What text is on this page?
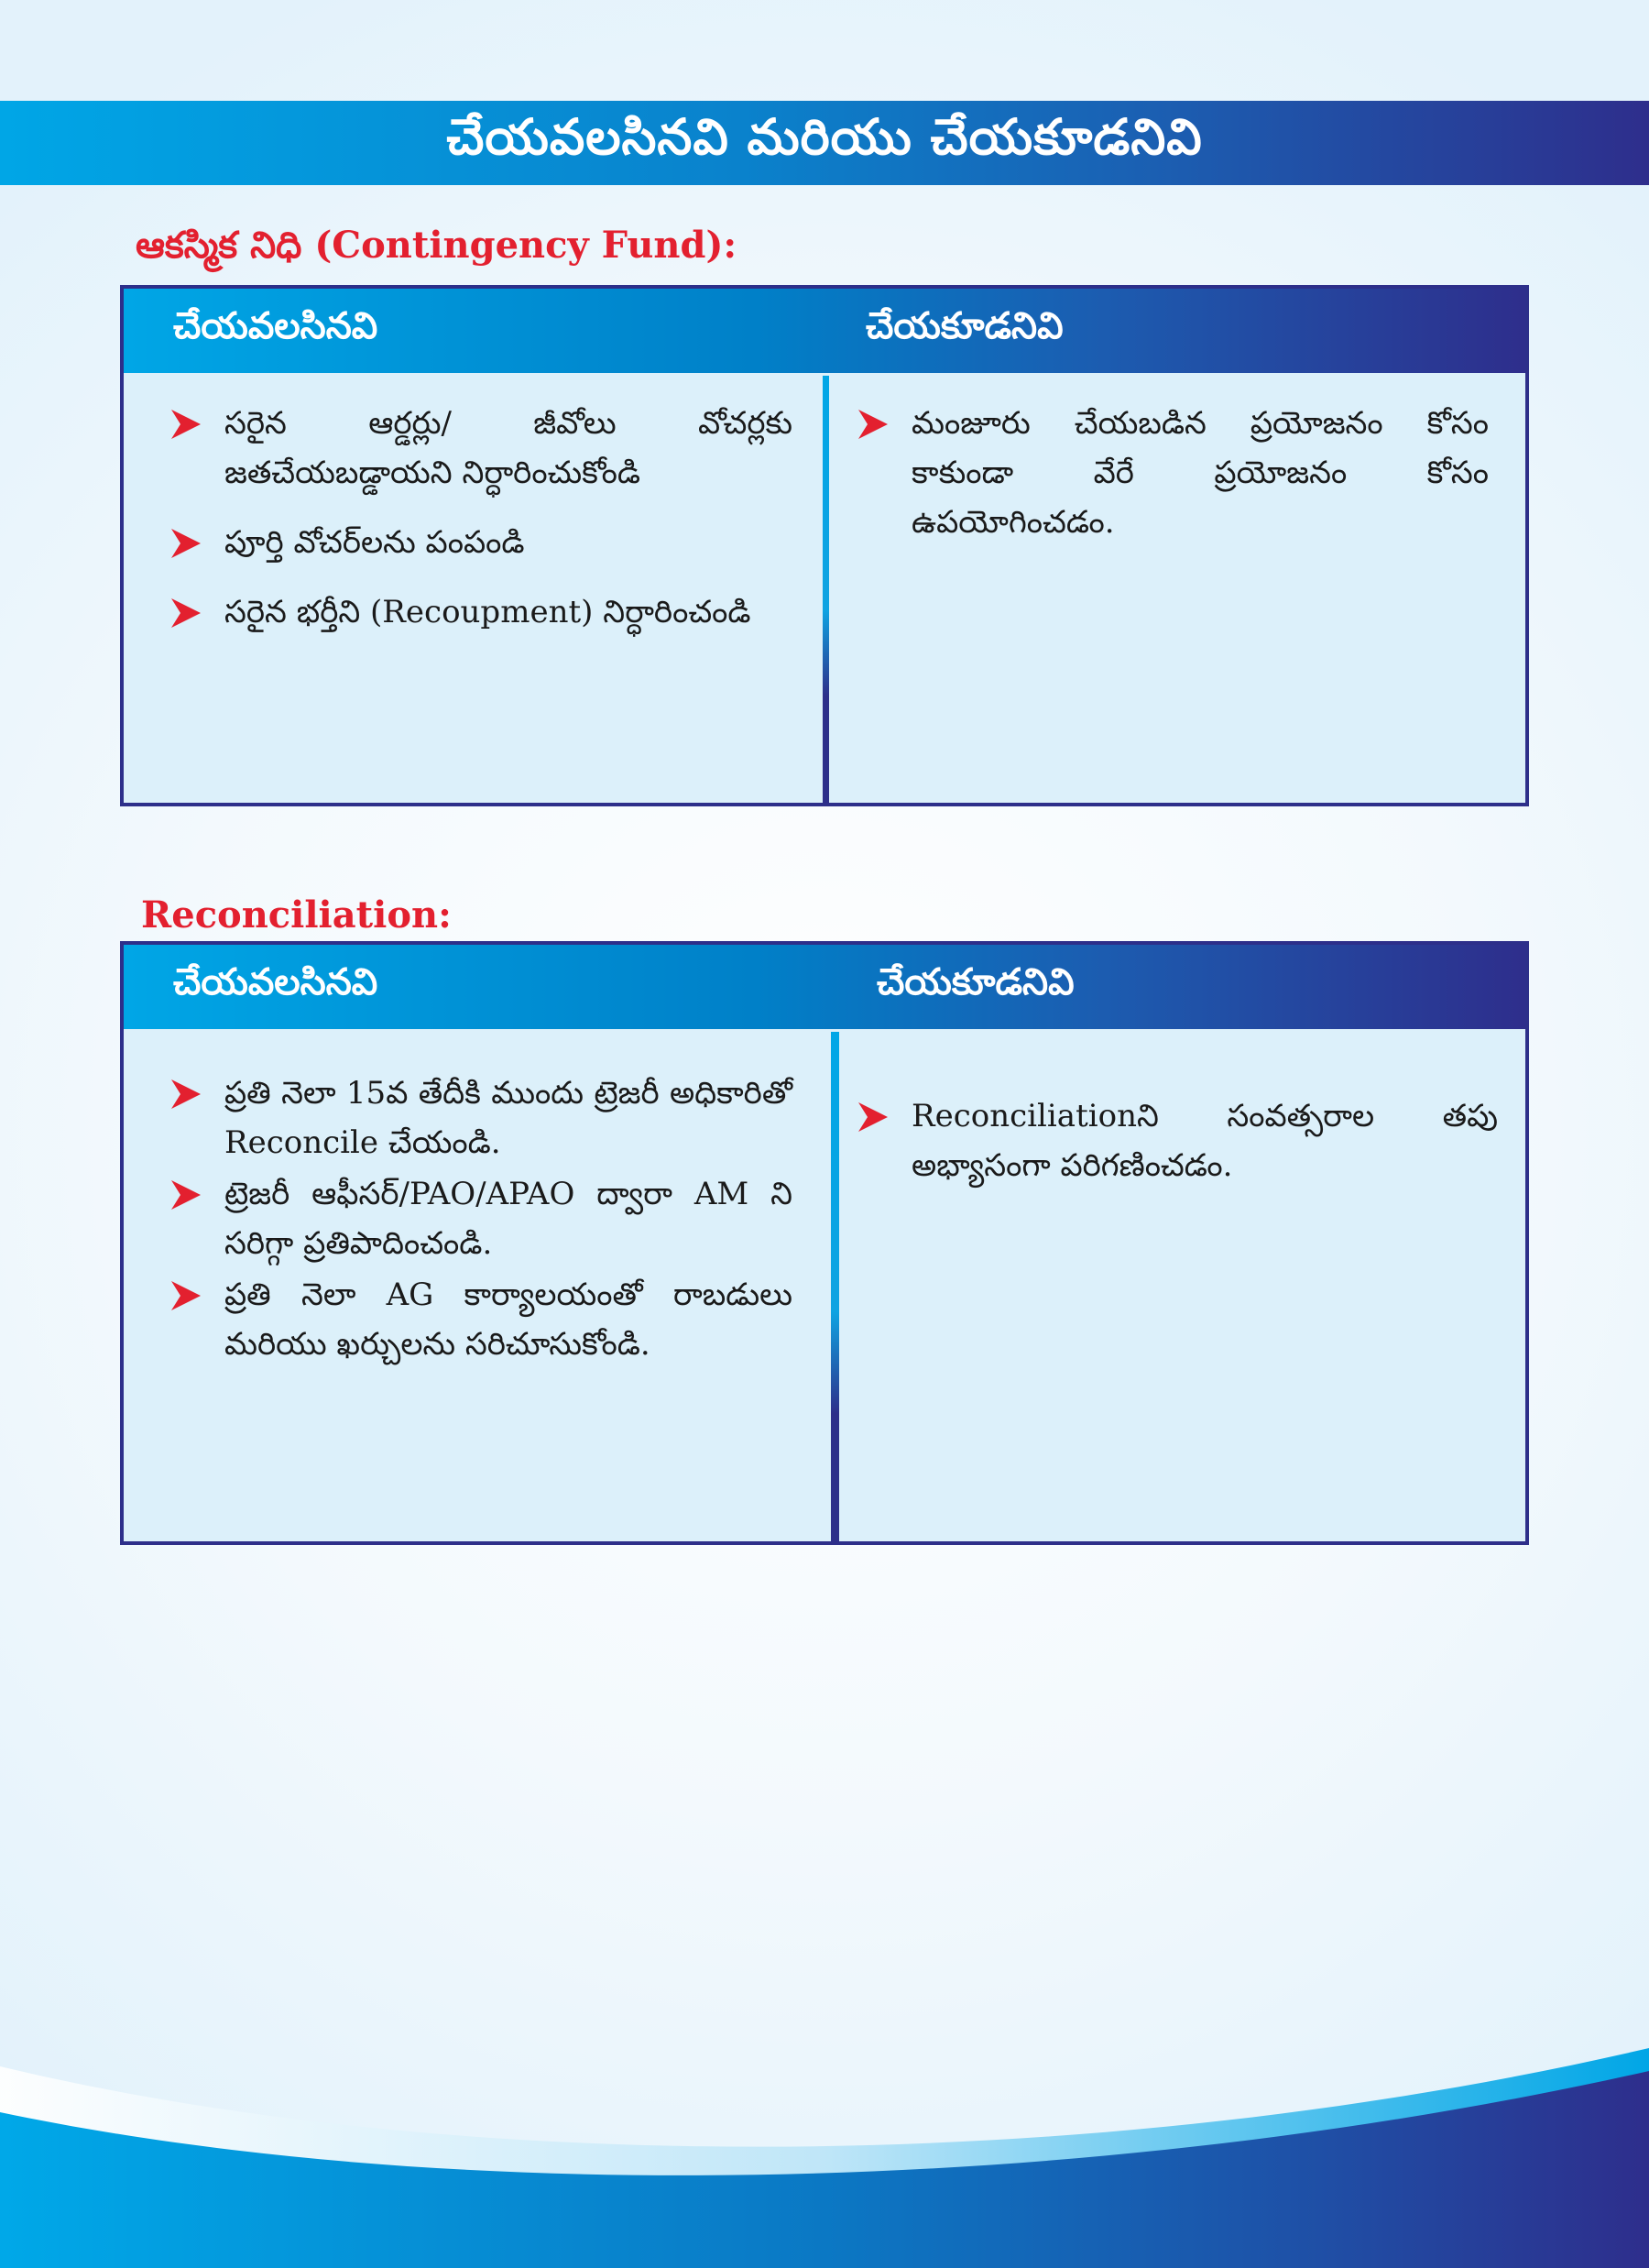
చేయవలసినవి మరియు చేయకూడనివి
ఆకస్మిక నిధి (Contingency Fund):
చేయవలసినవి	చేయకూడనివి
సరైన ఆర్డర్లు/ జీవోలు వోచర్లకు జతచేయబడ్డాయని నిర్ధారించుకోండి
పూర్తి వోచర్‌లను పంపండి
సరైన భర్తీని (Recoupment) నిర్ధారించండి
మంజూరు చేయబడిన ప్రయోజనం కోసం కాకుండా వేరే ప్రయోజనం కోసం ఉపయోగించడం.
Reconciliation:
చేయవలసినవి	చేయకూడనివి
ప్రతి నెలా 15వ తేదీకి ముందు ట్రెజరీ అధికారితో Reconcile చేయండి.
ట్రెజరీ ఆఫీసర్/PAO/APAO ద్వారా AM ని సరిగ్గా ప్రతిపాదించండి.
ప్రతి నెలా AG కార్యాలయంతో రాబడులు మరియు ఖర్చులను సరిచూసుకోండి.
Reconciliationని సంవత్సరాల తపు అభ్యాసంగా పరిగణించడం.
